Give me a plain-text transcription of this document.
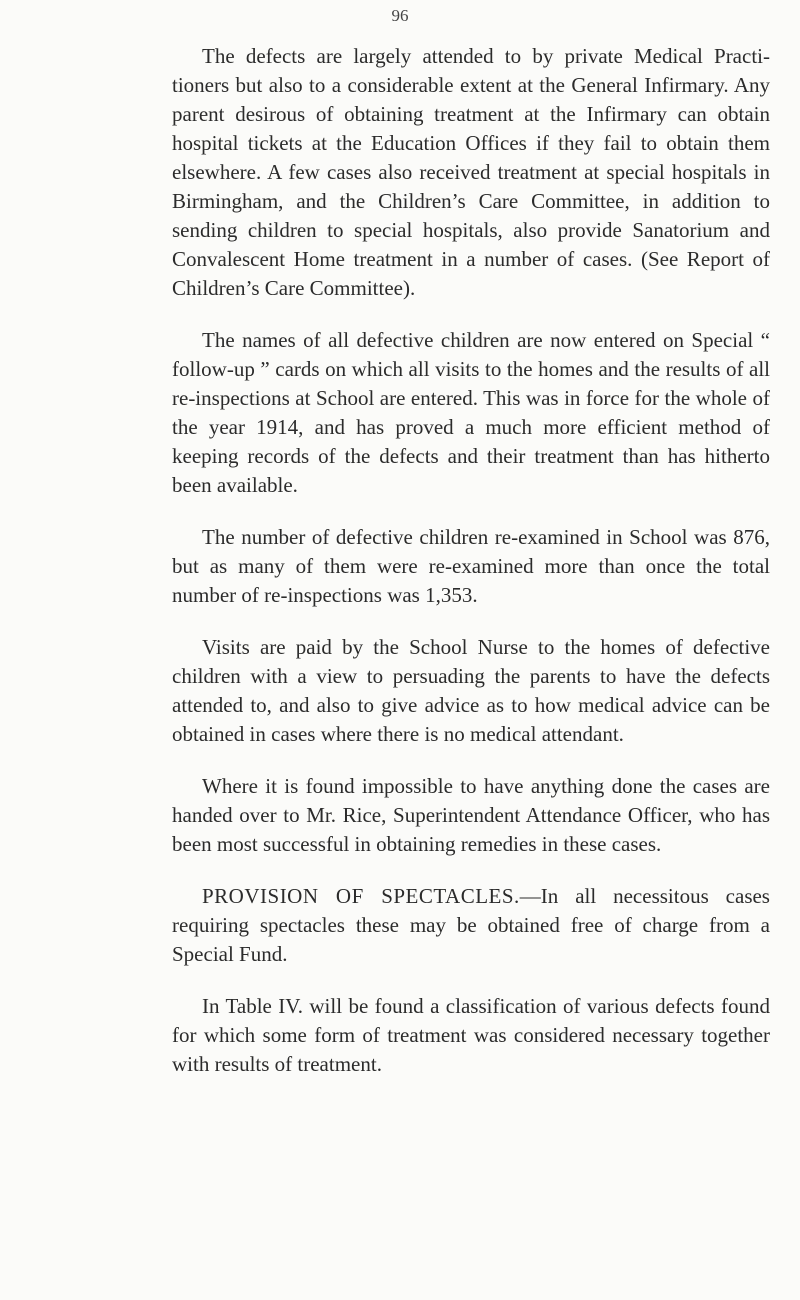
96

The defects are largely attended to by private Medical Practi-tioners but also to a considerable extent at the General Infirmary. Any parent desirous of obtaining treatment at the Infirmary can obtain hospital tickets at the Education Offices if they fail to obtain them elsewhere. A few cases also received treatment at special hospitals in Birmingham, and the Children’s Care Committee, in addition to sending children to special hospitals, also provide Sanatorium and Convalescent Home treatment in a number of cases. (See Report of Children’s Care Committee).

The names of all defective children are now entered on Special “ follow-up ” cards on which all visits to the homes and the results of all re-inspections at School are entered. This was in force for the whole of the year 1914, and has proved a much more efficient method of keeping records of the defects and their treatment than has hitherto been available.

The number of defective children re-examined in School was 876, but as many of them were re-examined more than once the total number of re-inspections was 1,353.

Visits are paid by the School Nurse to the homes of defective children with a view to persuading the parents to have the defects attended to, and also to give advice as to how medical advice can be obtained in cases where there is no medical attendant.

Where it is found impossible to have anything done the cases are handed over to Mr. Rice, Superintendent Attendance Officer, who has been most successful in obtaining remedies in these cases.

PROVISION OF SPECTACLES.—In all necessitous cases requiring spectacles these may be obtained free of charge from a Special Fund.

In Table IV. will be found a classification of various defects found for which some form of treatment was considered necessary together with results of treatment.
